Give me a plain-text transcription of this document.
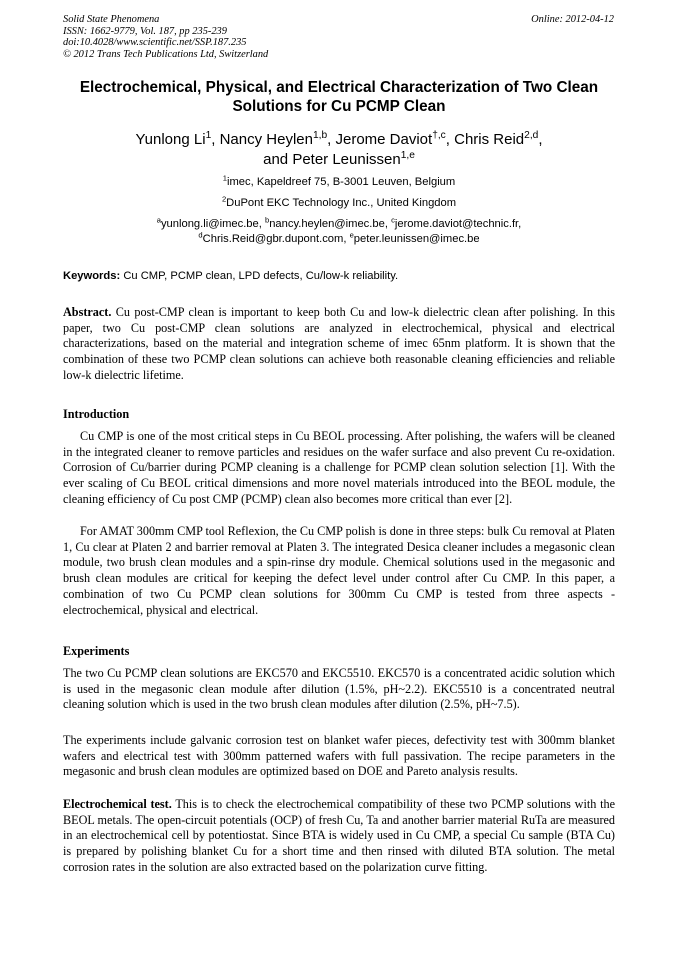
Solid State Phenomena
ISSN: 1662-9779, Vol. 187, pp 235-239
doi:10.4028/www.scientific.net/SSP.187.235
© 2012 Trans Tech Publications Ltd, Switzerland
Online: 2012-04-12
Electrochemical, Physical, and Electrical Characterization of Two Clean
Solutions for Cu PCMP Clean
Yunlong Li$^1$, Nancy Heylen$^{1,b}$, Jerome Daviot$^{\dagger,c}$, Chris Reid$^{2,d}$,
and Peter Leunissen$^{1,e}$
$^1$imec, Kapeldreef 75, B-3001 Leuven, Belgium
$^2$DuPont EKC Technology Inc., United Kingdom
$^a$yunlong.li@imec.be, $^b$nancy.heylen@imec.be, $^c$jerome.daviot@technic.fr,
$^d$Chris.Reid@gbr.dupont.com, $^e$peter.leunissen@imec.be
Keywords: Cu CMP, PCMP clean, LPD defects, Cu/low-k reliability.

Abstract. Cu post-CMP clean is important to keep both Cu and low-k dielectric clean after polishing. In this paper, two Cu post-CMP clean solutions are analyzed in electrochemical, physical and electrical characterizations, based on the material and integration scheme of imec 65nm platform. It is shown that the combination of these two PCMP clean solutions can achieve both reasonable cleaning efficiencies and reliable low-k dielectric lifetime.

Introduction

Cu CMP is one of the most critical steps in Cu BEOL processing. After polishing, the wafers will be cleaned in the integrated cleaner to remove particles and residues on the wafer surface and also prevent Cu re-oxidation. Corrosion of Cu/barrier during PCMP cleaning is a challenge for PCMP clean solution selection [1]. With the ever scaling of Cu BEOL critical dimensions and more novel materials introduced into the BEOL module, the cleaning efficiency of Cu post CMP (PCMP) clean also becomes more critical than ever [2].

For AMAT 300mm CMP tool Reflexion, the Cu CMP polish is done in three steps: bulk Cu removal at Platen 1, Cu clear at Platen 2 and barrier removal at Platen 3. The integrated Desica cleaner includes a megasonic clean module, two brush clean modules and a spin-rinse dry module. Chemical solutions used in the megasonic and brush clean modules are critical for keeping the defect level under control after Cu CMP. In this paper, a combination of two Cu PCMP clean solutions for 300mm Cu CMP is tested from three aspects - electrochemical, physical and electrical.

Experiments

The two Cu PCMP clean solutions are EKC570 and EKC5510. EKC570 is a concentrated acidic solution which is used in the megasonic clean module after dilution (1.5%, pH~2.2). EKC5510 is a concentrated neutral cleaning solution which is used in the two brush clean modules after dilution (2.5%, pH~7.5).

The experiments include galvanic corrosion test on blanket wafer pieces, defectivity test with 300mm blanket wafers and electrical test with 300mm patterned wafers with full passivation. The recipe parameters in the megasonic and brush clean modules are optimized based on DOE and Pareto analysis results.

Electrochemical test. This is to check the electrochemical compatibility of these two PCMP solutions with the BEOL metals. The open-circuit potentials (OCP) of fresh Cu, Ta and another barrier material RuTa are measured in an electrochemical cell by potentiostat. Since BTA is widely used in Cu CMP, a special Cu sample (BTA Cu) is prepared by polishing blanket Cu for a short time and then rinsed with diluted BTA solution. The metal corrosion rates in the solution are also extracted based on the polarization curve fitting.
